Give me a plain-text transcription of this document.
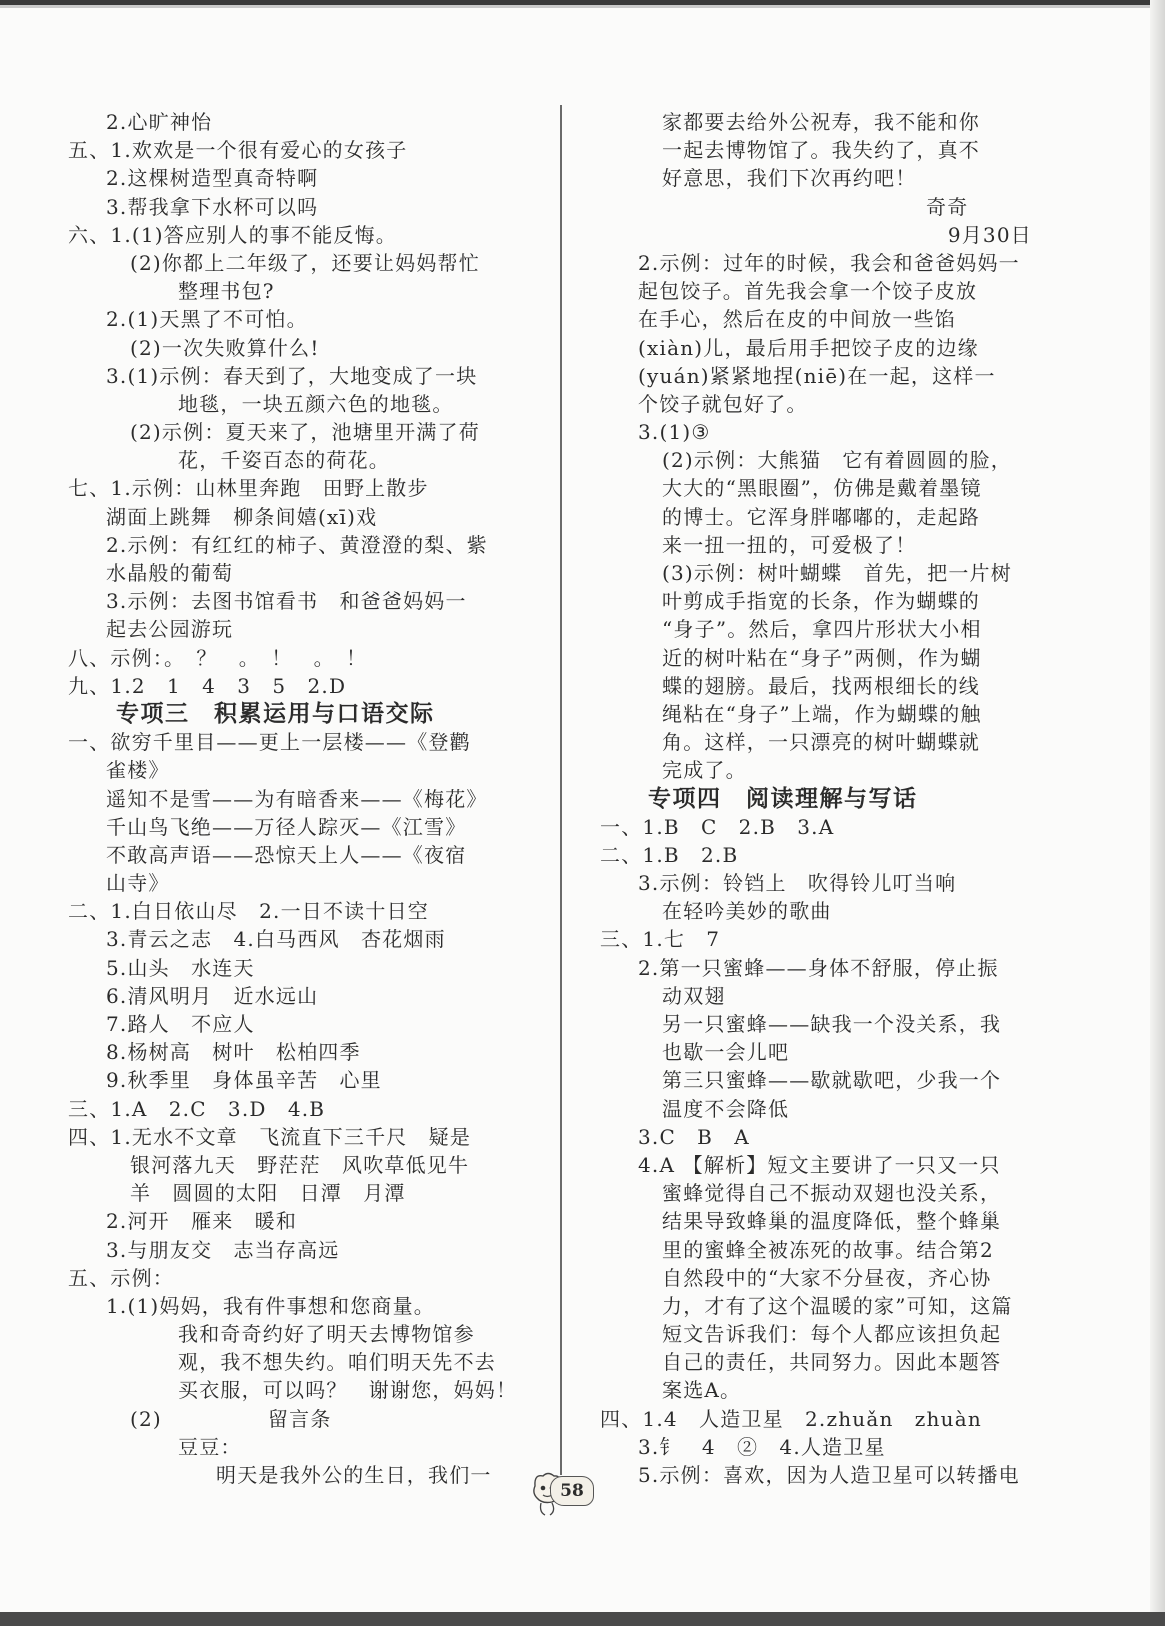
2.心旷神怡
五、1.欢欢是一个很有爱心的女孩子
2.这棵树造型真奇特啊
3.帮我拿下水杯可以吗
六、1.(1)答应别人的事不能反悔。
(2)你都上二年级了，还要让妈妈帮忙
整理书包?
2.(1)天黑了不可怕。
(2)一次失败算什么!
3.(1)示例：春天到了，大地变成了一块
地毯，一块五颜六色的地毯。
(2)示例：夏天来了，池塘里开满了荷
花，千姿百态的荷花。
七、1.示例：山林里奔跑　田野上散步
湖面上跳舞　柳条间嬉(xī)戏
2.示例：有红红的柿子、黄澄澄的梨、紫
水晶般的葡萄
3.示例：去图书馆看书　和爸爸妈妈一
起去公园游玩
八、示例：。　？　。　！　。　！
九、1.2　1　4　3　5　2.D
专项三　积累运用与口语交际
一、欲穷千里目——更上一层楼——《登鹳
雀楼》
遥知不是雪——为有暗香来——《梅花》
千山鸟飞绝——万径人踪灭—《江雪》
不敢高声语——恐惊天上人——《夜宿
山寺》
二、1.白日依山尽　2.一日不读十日空
3.青云之志　4.白马西风　杏花烟雨
5.山头　水连天
6.清风明月　近水远山
7.路人　不应人
8.杨树高　树叶　松柏四季
9.秋季里　身体虽辛苦　心里
三、1.A　2.C　3.D　4.B
四、1.无水不文章　飞流直下三千尺　疑是
银河落九天　野茫茫　风吹草低见牛
羊　圆圆的太阳　日潭　月潭
2.河开　雁来　暖和
3.与朋友交　志当存高远
五、示例：
1.(1)妈妈，我有件事想和您商量。
我和奇奇约好了明天去博物馆参
观，我不想失约。咱们明天先不去
买衣服，可以吗？　谢谢您，妈妈！
(2)　　　　　留言条
豆豆：
明天是我外公的生日，我们一
家都要去给外公祝寿，我不能和你
一起去博物馆了。我失约了，真不
好意思，我们下次再约吧！
奇奇　　　
9月30日
2.示例：过年的时候，我会和爸爸妈妈一
起包饺子。首先我会拿一个饺子皮放
在手心，然后在皮的中间放一些馅
(xiàn)儿，最后用手把饺子皮的边缘
(yuán)紧紧地捏(niē)在一起，这样一
个饺子就包好了。
3.(1)③
(2)示例：大熊猫　它有着圆圆的脸，
大大的“黑眼圈”，仿佛是戴着墨镜
的博士。它浑身胖嘟嘟的，走起路
来一扭一扭的，可爱极了！
(3)示例：树叶蝴蝶　首先，把一片树
叶剪成手指宽的长条，作为蝴蝶的
“身子”。然后，拿四片形状大小相
近的树叶粘在“身子”两侧，作为蝴
蝶的翅膀。最后，找两根细长的线
绳粘在“身子”上端，作为蝴蝶的触
角。这样，一只漂亮的树叶蝴蝶就
完成了。
专项四　阅读理解与写话
一、1.B　C　2.B　3.A
二、1.B　2.B
3.示例：铃铛上　吹得铃儿叮当响
在轻吟美妙的歌曲
三、1.七　7
2.第一只蜜蜂——身体不舒服，停止振
动双翅
另一只蜜蜂——缺我一个没关系，我
也歇一会儿吧
第三只蜜蜂——歇就歇吧，少我一个
温度不会降低
3.C　B　A
4.A 【解析】短文主要讲了一只又一只
蜜蜂觉得自己不振动双翅也没关系，
结果导致蜂巢的温度降低，整个蜂巢
里的蜜蜂全被冻死的故事。结合第2
自然段中的“大家不分昼夜，齐心协
力，才有了这个温暖的家”可知，这篇
短文告诉我们：每个人都应该担负起
自己的责任，共同努力。因此本题答
案选A。
四、1.4　人造卫星　2.zhuǎn　zhuàn
3.钅　4　②　4.人造卫星
5.示例：喜欢，因为人造卫星可以转播电
58
